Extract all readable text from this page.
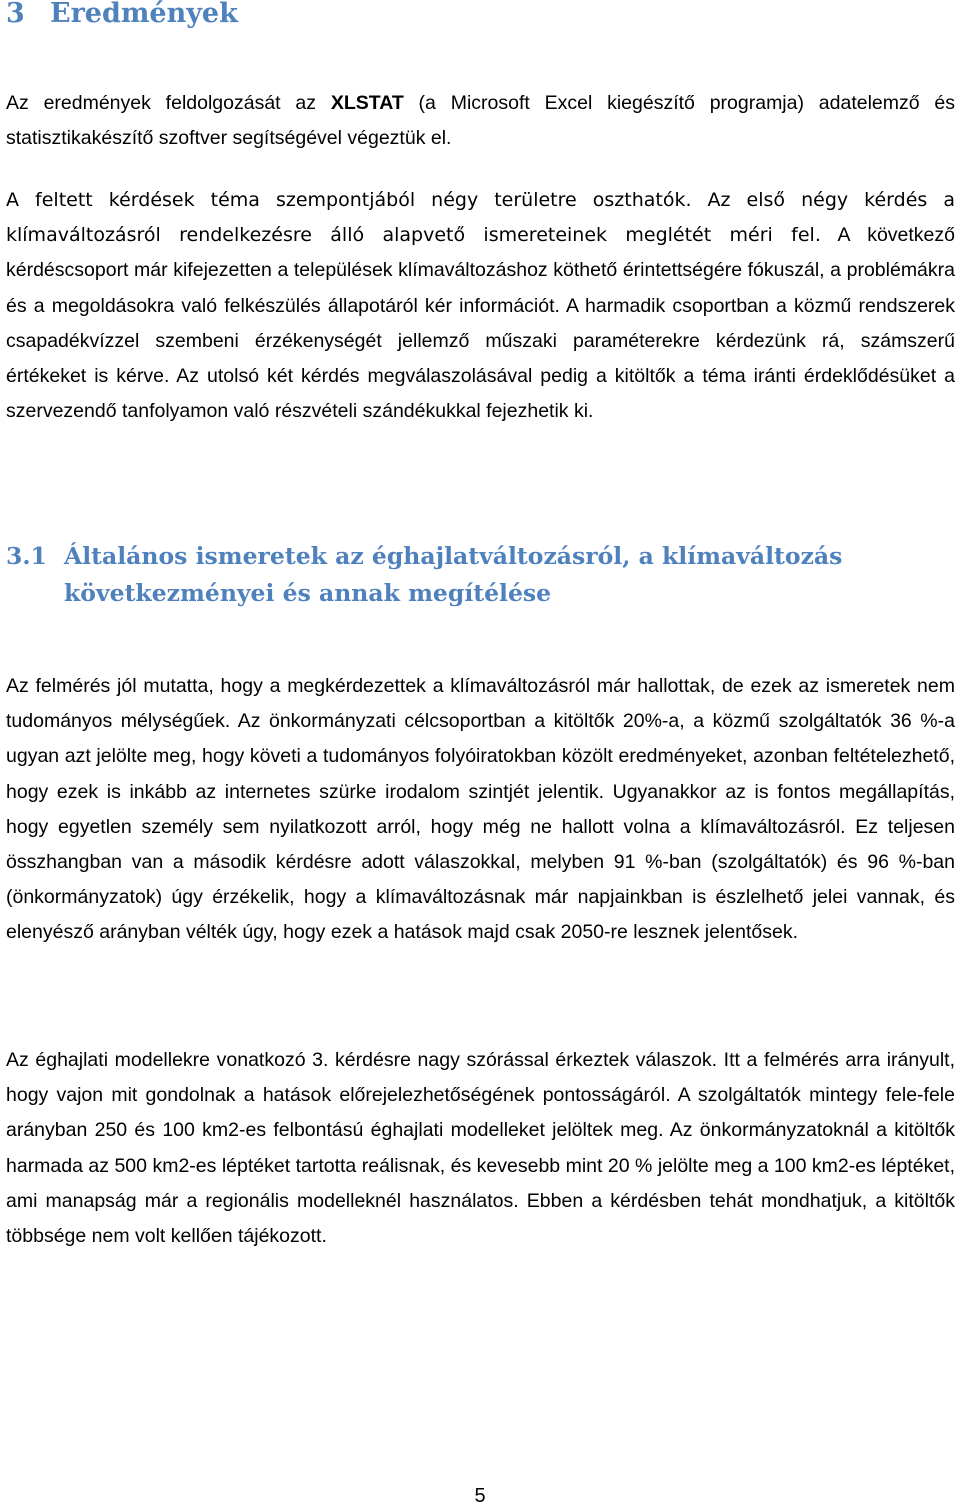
3 Eredmények

Az eredmények feldolgozását az XLSTAT (a Microsoft Excel kiegészítő programja) adatelemző és statisztikakészítő szoftver segítségével végeztük el.

A feltett kérdések téma szempontjából négy területre oszthatók. Az első négy kérdés a klímaváltozásról rendelkezésre álló alapvető ismereteinek meglétét méri fel. A következő kérdéscsoport már kifejezetten a települések klímaváltozáshoz köthető érintettségére fókuszál, a problémákra és a megoldásokra való felkészülés állapotáról kér információt. A harmadik csoportban a közmű rendszerek csapadékvízzel szembeni érzékenységét jellemző műszaki paraméterekre kérdezünk rá, számszerű értékeket is kérve. Az utolsó két kérdés megválaszolásával pedig a kitöltők a téma iránti érdeklődésüket a szervezendő tanfolyamon való részvételi szándékukkal fejezhetik ki.

3.1 Általános ismeretek az éghajlatváltozásról, a klímaváltozás
következményei és annak megítélése

Az felmérés jól mutatta, hogy a megkérdezettek a klímaváltozásról már hallottak, de ezek az ismeretek nem tudományos mélységűek. Az önkormányzati célcsoportban a kitöltők 20%-a, a közmű szolgáltatók 36 %-a ugyan azt jelölte meg, hogy követi a tudományos folyóiratokban közölt eredményeket, azonban feltételezhető, hogy ezek is inkább az internetes szürke irodalom szintjét jelentik. Ugyanakkor az is fontos megállapítás, hogy egyetlen személy sem nyilatkozott arról, hogy még ne hallott volna a klímaváltozásról. Ez teljesen összhangban van a második kérdésre adott válaszokkal, melyben 91 %-ban (szolgáltatók) és 96 %-ban (önkormányzatok) úgy érzékelik, hogy a klímaváltozásnak már napjainkban is észlelhető jelei vannak, és elenyésző arányban vélték úgy, hogy ezek a hatások majd csak 2050-re lesznek jelentősek.

Az éghajlati modellekre vonatkozó 3. kérdésre nagy szórással érkeztek válaszok. Itt a felmérés arra irányult, hogy vajon mit gondolnak a hatások előrejelezhetőségének pontosságáról. A szolgáltatók mintegy fele-fele arányban 250 és 100 km2-es felbontású éghajlati modelleket jelöltek meg. Az önkormányzatoknál a kitöltők harmada az 500 km2-es léptéket tartotta reálisnak, és kevesebb mint 20 % jelölte meg a 100 km2-es léptéket, ami manapság már a regionális modelleknél használatos. Ebben a kérdésben tehát mondhatjuk, a kitöltők többsége nem volt kellően tájékozott.

5
